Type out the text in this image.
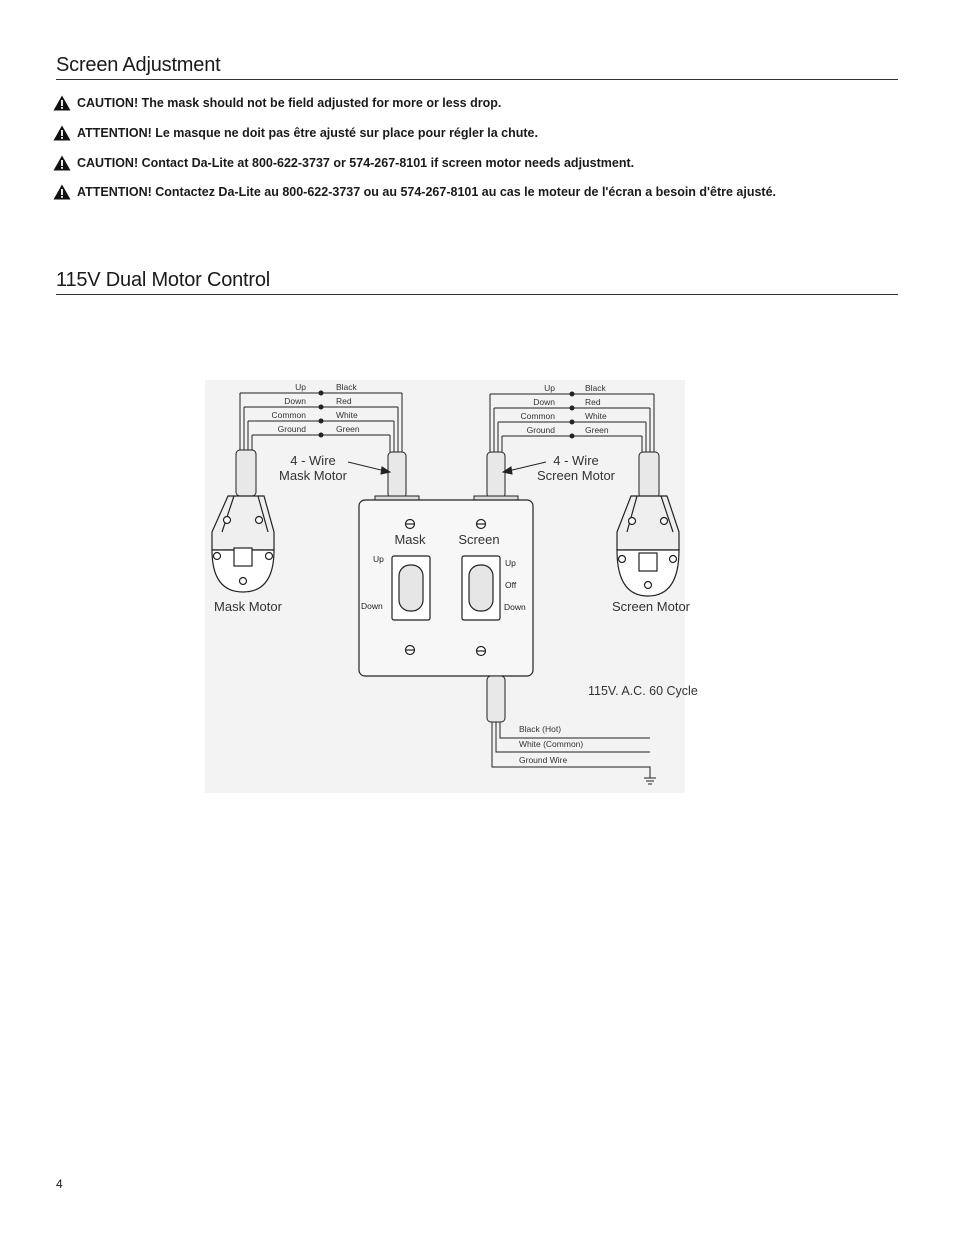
Screen Adjustment
CAUTION! The mask should not be field adjusted for more or less drop.
ATTENTION! Le masque ne doit pas être ajusté sur place pour régler la chute.
CAUTION! Contact Da-Lite at 800-622-3737 or 574-267-8101 if screen motor needs adjustment.
ATTENTION! Contactez Da-Lite au 800-622-3737 ou au 574-267-8101 au cas le moteur de l'écran a besoin d'être ajusté.
115V Dual Motor Control
Up
Down
Common
Ground
Black
Red
White
Green
Up
Down
Common
Ground
Black
Red
White
Green
4 - Wire
Mask Motor
4 - Wire
Screen Motor
Mask Motor	Screen Motor
Mask	Screen
Up
Down
Up
Off
Down
115V. A.C. 60 Cycle
Black (Hot)
White (Common)
Ground Wire
4
